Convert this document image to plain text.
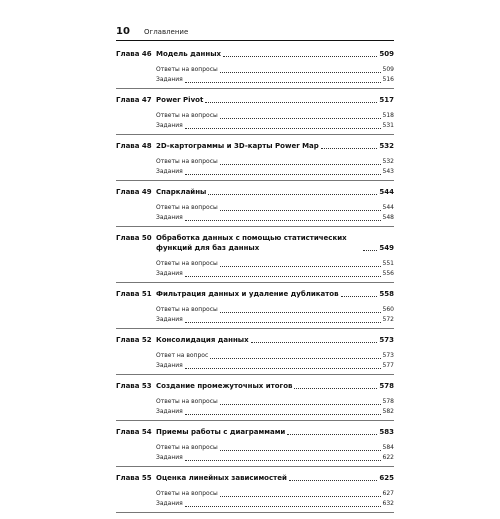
10 Оглавление
Глава 46 Модель данных	509
Ответы на вопросы	509
Задания	516
Глава 47 Power Pivot	517
Ответы на вопросы	518
Задания	531
Глава 48 2D-картограммы и 3D-карты Power Map	532
Ответы на вопросы	532
Задания	543
Глава 49 Спарклайны	544
Ответы на вопросы	544
Задания	548
Глава 50 Обработка данных с помощью статистических функций для баз данных	549
Ответы на вопросы	551
Задания	556
Глава 51 Фильтрация данных и удаление дубликатов	558
Ответы на вопросы	560
Задания	572
Глава 52 Консолидация данных	573
Ответ на вопрос	573
Задания	577
Глава 53 Создание промежуточных итогов	578
Ответы на вопросы	578
Задания	582
Глава 54 Приемы работы с диаграммами	583
Ответы на вопросы	584
Задания	622
Глава 55 Оценка линейных зависимостей	625
Ответы на вопросы	627
Задания	632
